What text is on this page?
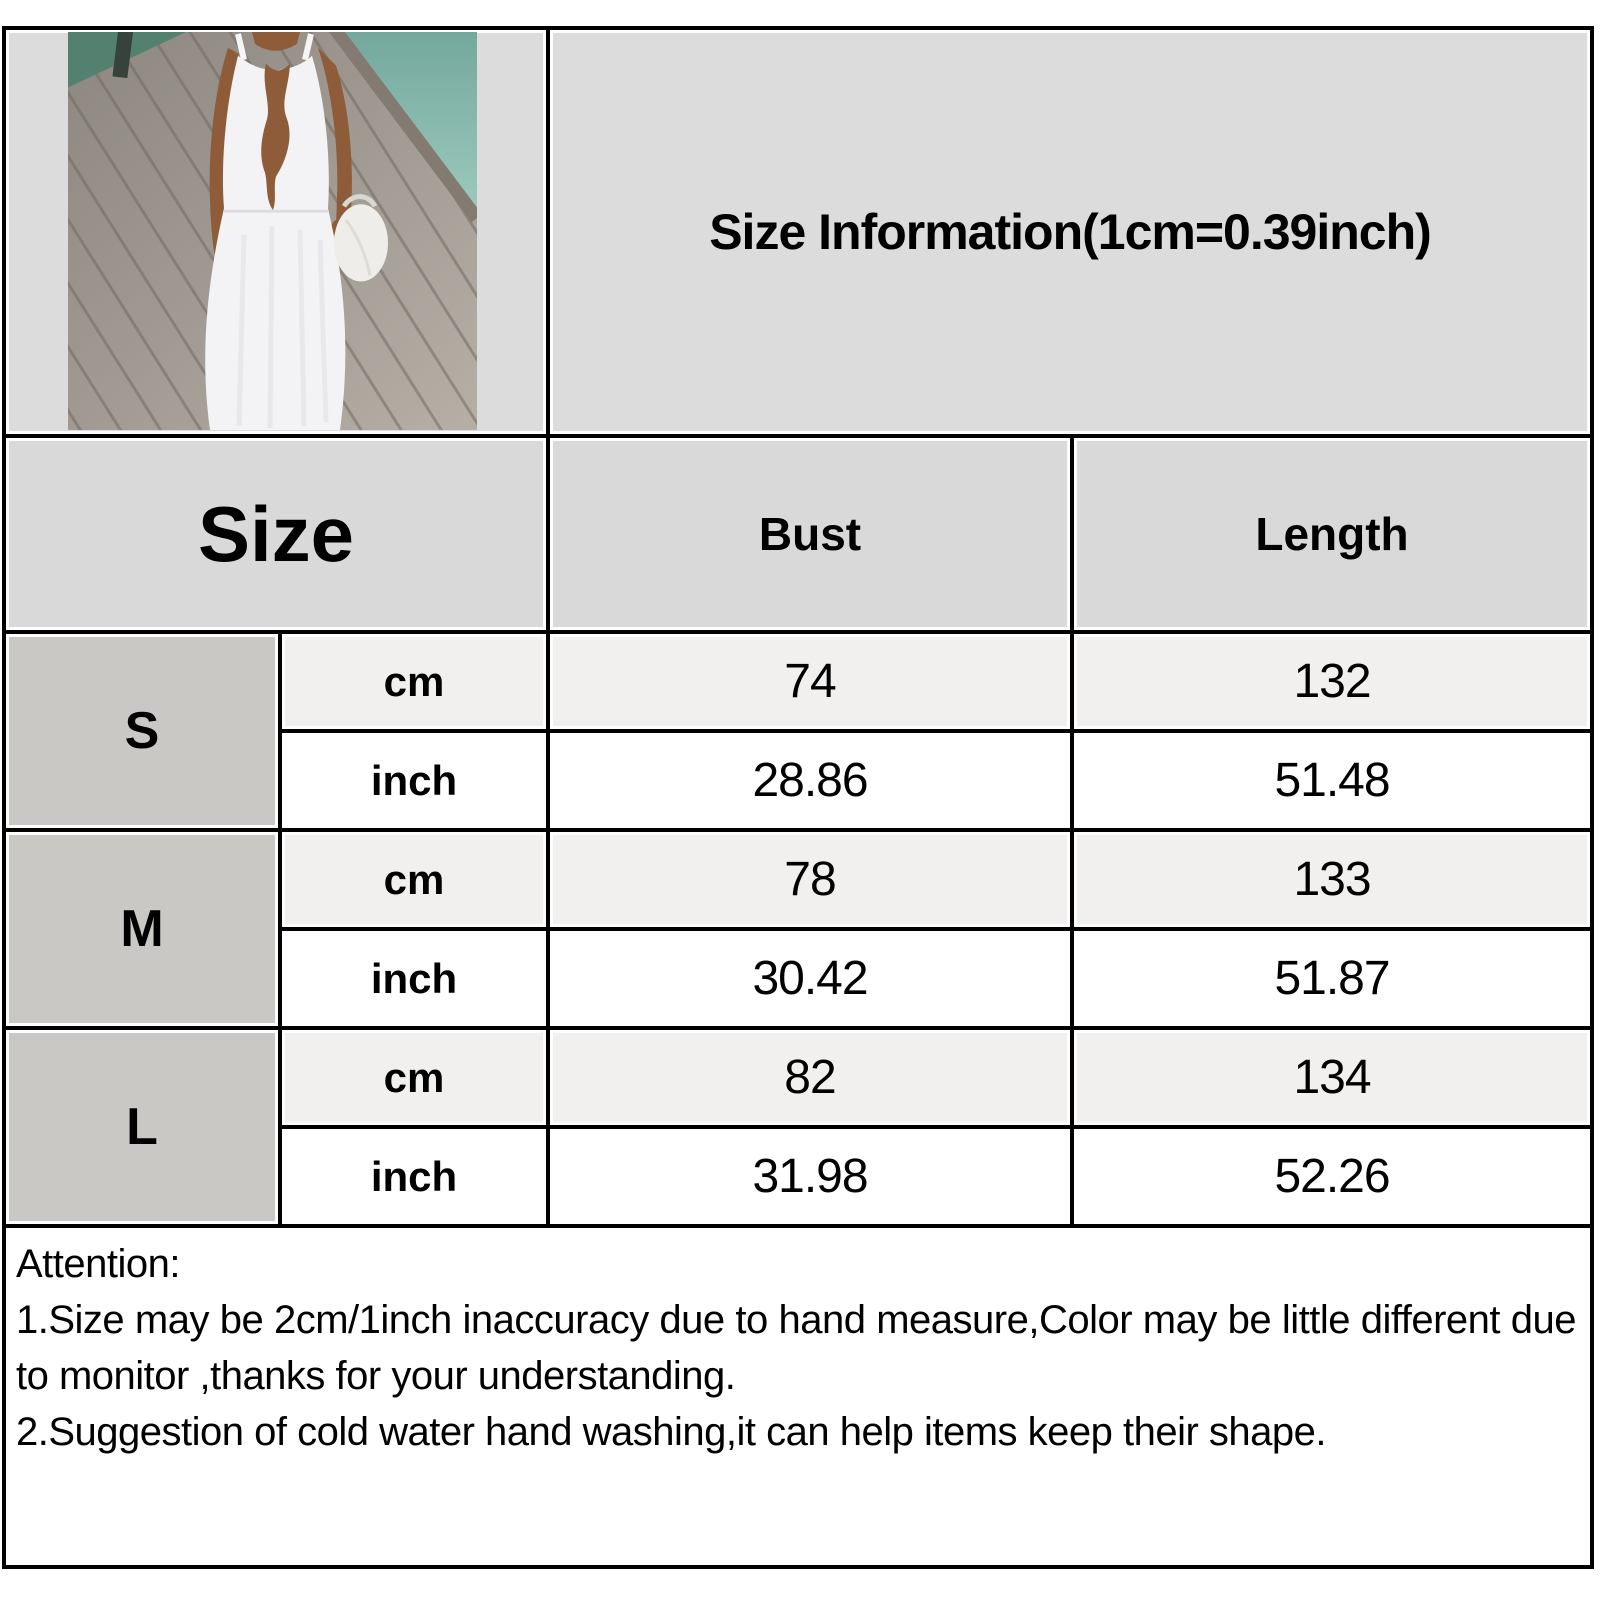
Size Information(1cm=0.39inch)
Size	Bust	Length
S
cm	74	132
inch	28.86	51.48
M
cm	78	133
inch	30.42	51.87
L
cm	82	134
inch	31.98	52.26
Attention:
1.Size may be 2cm/1inch inaccuracy due to hand measure,Color may be little different due to monitor ,thanks for your understanding.
2.Suggestion of cold water hand washing,it can help items keep their shape.
